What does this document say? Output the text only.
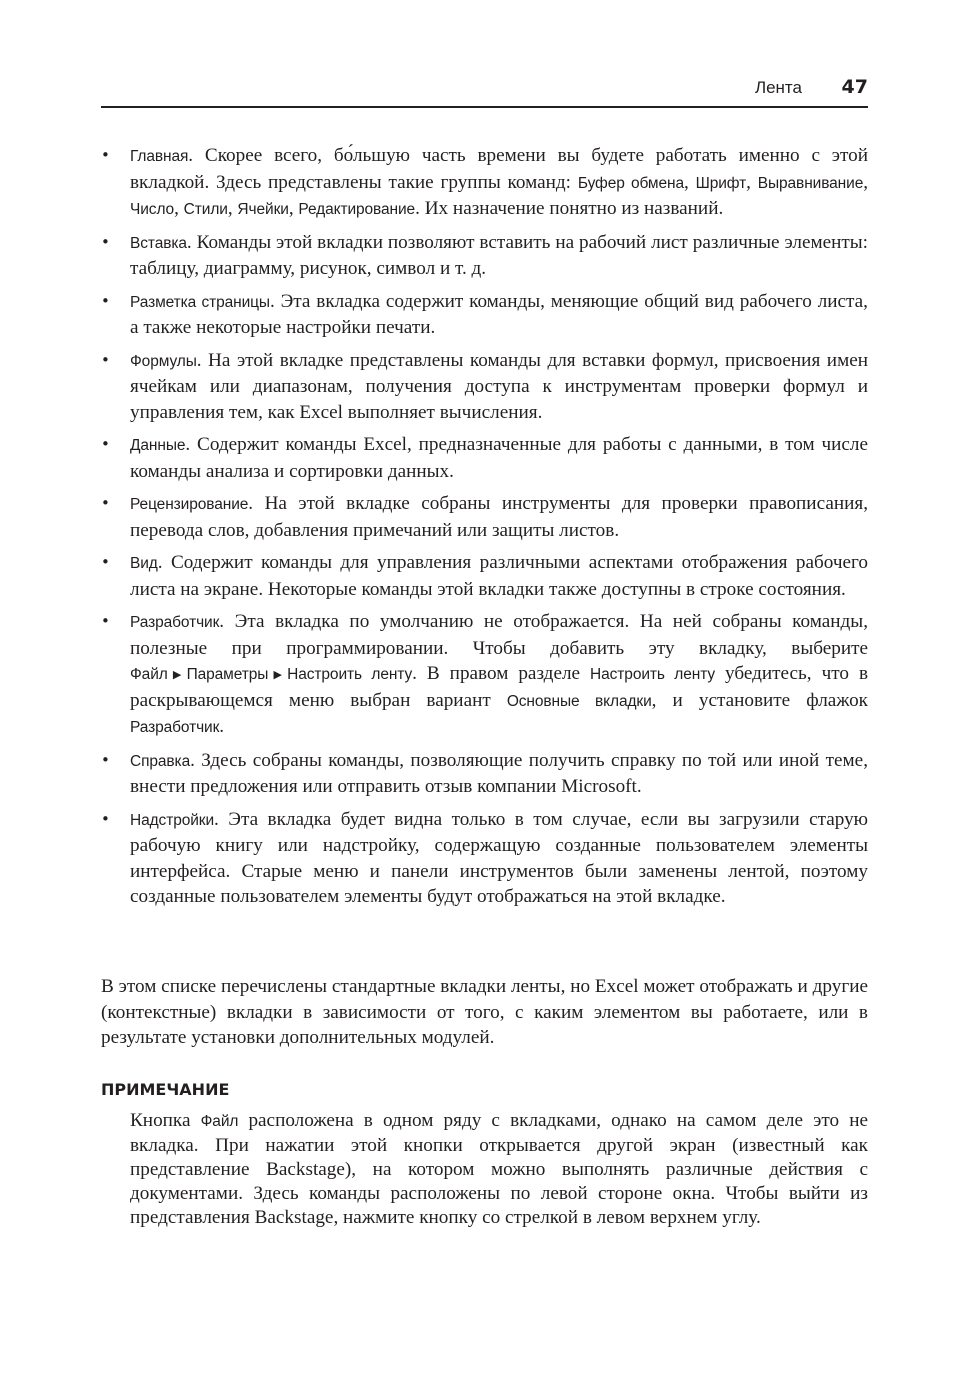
Лента 47
• Главная. Скорее всего, бо́льшую часть времени вы будете работать именно с этой вкладкой. Здесь представлены такие группы команд: Буфер обмена, Шрифт, Выравнивание, Число, Стили, Ячейки, Редактирование. Их назначение понятно из названий.
• Вставка. Команды этой вкладки позволяют вставить на рабочий лист различные элементы: таблицу, диаграмму, рисунок, символ и т. д.
• Разметка страницы. Эта вкладка содержит команды, меняющие общий вид рабочего листа, а также некоторые настройки печати.
• Формулы. На этой вкладке представлены команды для вставки формул, присвоения имен ячейкам или диапазонам, получения доступа к инструментам проверки формул и управления тем, как Excel выполняет вычисления.
• Данные. Содержит команды Excel, предназначенные для работы с данными, в том числе команды анализа и сортировки данных.
• Рецензирование. На этой вкладке собраны инструменты для проверки правописания, перевода слов, добавления примечаний или защиты листов.
• Вид. Содержит команды для управления различными аспектами отображения рабочего листа на экране. Некоторые команды этой вкладки также доступны в строке состояния.
• Разработчик. Эта вкладка по умолчанию не отображается. На ней собраны команды, полезные при программировании. Чтобы добавить эту вкладку, выберите Файл▶Параметры▶Настроить ленту. В правом разделе Настроить ленту убедитесь, что в раскрывающемся меню выбран вариант Основные вкладки, и установите флажок Разработчик.
• Справка. Здесь собраны команды, позволяющие получить справку по той или иной теме, внести предложения или отправить отзыв компании Microsoft.
• Надстройки. Эта вкладка будет видна только в том случае, если вы загрузили старую рабочую книгу или надстройку, содержащую созданные пользователем элементы интерфейса. Старые меню и панели инструментов были заменены лентой, поэтому созданные пользователем элементы будут отображаться на этой вкладке.

В этом списке перечислены стандартные вкладки ленты, но Excel может отображать и другие (контекстные) вкладки в зависимости от того, с каким элементом вы работаете, или в результате установки дополнительных модулей.

ПРИМЕЧАНИЕ

Кнопка Файл расположена в одном ряду с вкладками, однако на самом деле это не вкладка. При нажатии этой кнопки открывается другой экран (известный как представление Backstage), на котором можно выполнять различные действия с документами. Здесь команды расположены по левой стороне окна. Чтобы выйти из представления Backstage, нажмите кнопку со стрелкой в левом верхнем углу.
